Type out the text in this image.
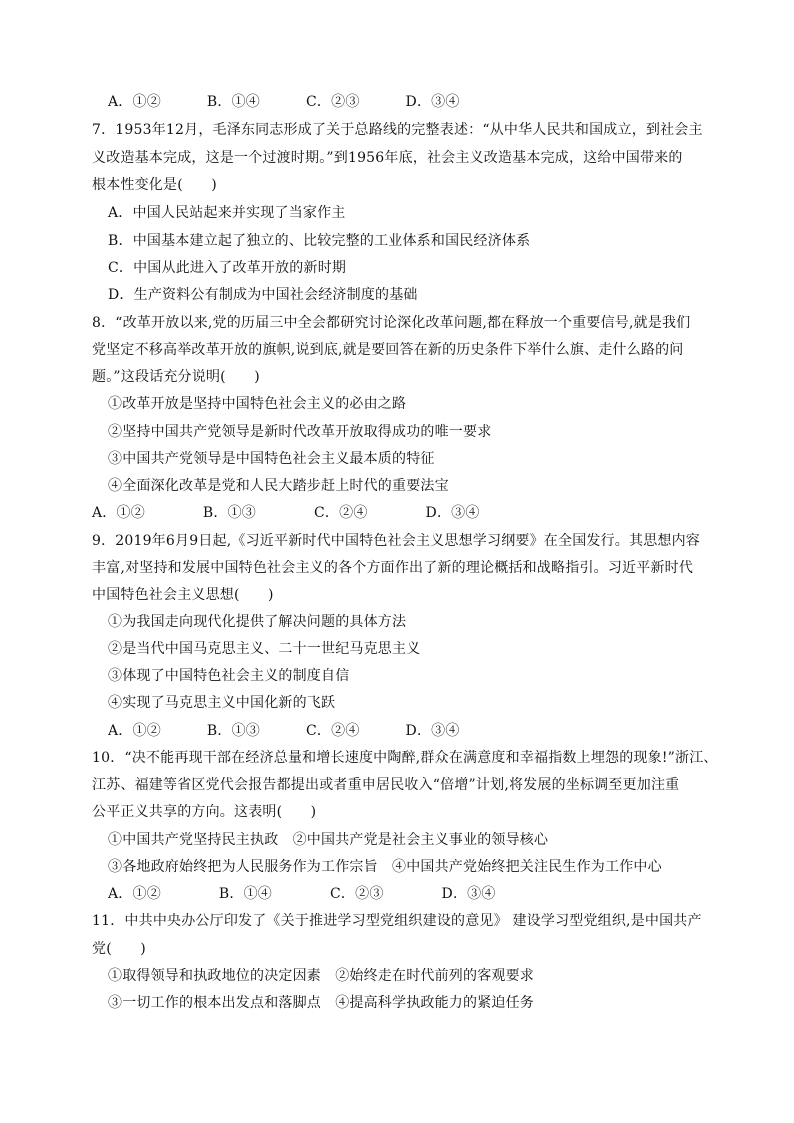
A．①②	B．①④	C．②③	D．③④
7．1953年12月，毛泽东同志形成了关于总路线的完整表述：“从中华人民共和国成立，到社会主
义改造基本完成，这是一个过渡时期。”到1956年底，社会主义改造基本完成，这给中国带来的
根本性变化是(　　)
A．中国人民站起来并实现了当家作主
B．中国基本建立起了独立的、比较完整的工业体系和国民经济体系
C．中国从此进入了改革开放的新时期
D．生产资料公有制成为中国社会经济制度的基础
8．“改革开放以来,党的历届三中全会都研究讨论深化改革问题,都在释放一个重要信号,就是我们
党坚定不移高举改革开放的旗帜,说到底,就是要回答在新的历史条件下举什么旗、走什么路的问
题。”这段话充分说明(　　)
①改革开放是坚持中国特色社会主义的必由之路
②坚持中国共产党领导是新时代改革开放取得成功的唯一要求
③中国共产党领导是中国特色社会主义最本质的特征
④全面深化改革是党和人民大踏步赶上时代的重要法宝
A．①②	B．①③	C．②④	D．③④
9．2019年6月9日起,《习近平新时代中国特色社会主义思想学习纲要》在全国发行。其思想内容
丰富,对坚持和发展中国特色社会主义的各个方面作出了新的理论概括和战略指引。习近平新时代
中国特色社会主义思想(　　)
①为我国走向现代化提供了解决问题的具体方法
②是当代中国马克思主义、二十一世纪马克思主义
③体现了中国特色社会主义的制度自信
④实现了马克思主义中国化新的飞跃
A．①②	B．①③	C．②④	D．③④
10．“决不能再现干部在经济总量和增长速度中陶醉,群众在满意度和幸福指数上埋怨的现象!”浙江、
江苏、福建等省区党代会报告都提出或者重申居民收入“倍增”计划,将发展的坐标调至更加注重
公平正义共享的方向。这表明(　　)
①中国共产党坚持民主执政　②中国共产党是社会主义事业的领导核心
③各地政府始终把为人民服务作为工作宗旨　④中国共产党始终把关注民生作为工作中心
A．①②	B．①④	C．②③	D．③④
11．中共中央办公厅印发了《关于推进学习型党组织建设的意见》 建设学习型党组织,是中国共产
党(　　)
①取得领导和执政地位的决定因素　②始终走在时代前列的客观要求
③一切工作的根本出发点和落脚点　④提高科学执政能力的紧迫任务
